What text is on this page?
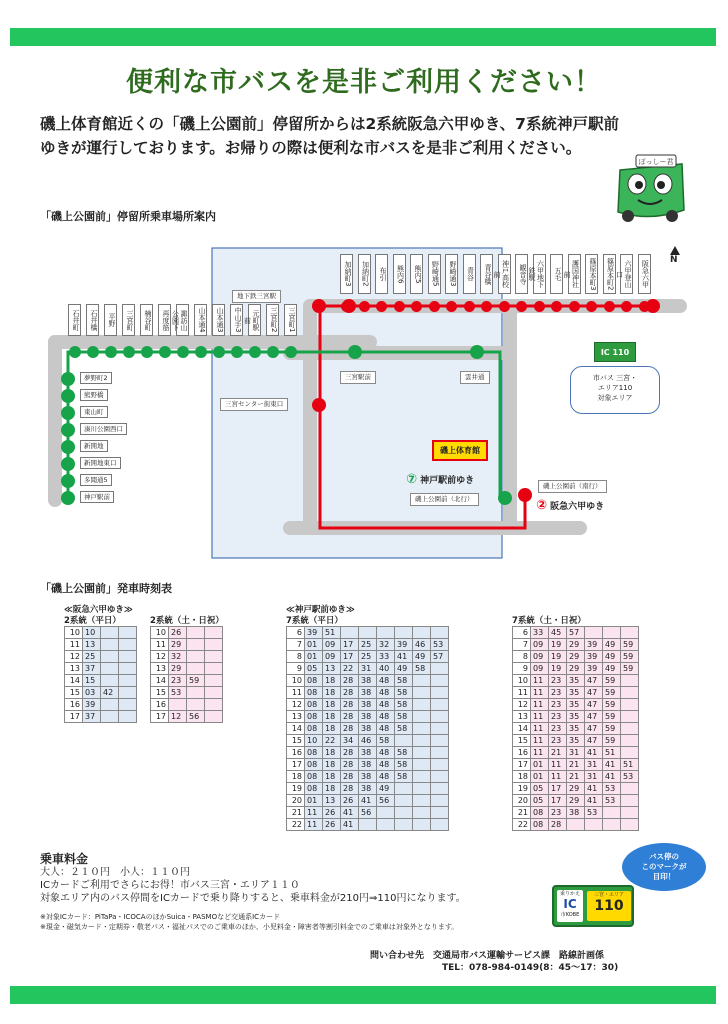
便利な市バスを是非ご利用ください！
磯上体育館近くの「磯上公園前」停留所からは2系統阪急六甲ゆき、7系統神戸駅前
ゆきが運行しております。お帰りの際は便利な市バスを是非ご利用ください。
ぽっしー君
「磯上公園前」停留所乗車場所案内
地下鉄三宮駅
三宮駅前	雲井通
三宮センター街東口
N
磯上体育館
⑦ 神戸駅前ゆき
磯上公園前（北行）
磯上公園前（南行）
② 阪急六甲ゆき
市バス 三宮・
エリア110
対象エリア
IC 110
加納町3	加納町2	布引	熊内6	熊内5	野崎通5	野崎通3	青谷	青谷橋	神戸高校前	観音寺	六甲地下鉄駅	五毛	護国神社前	篠原本町3	篠原本町2	六甲登山口	阪急六甲
石井町	石井橋	平野	三宮町	楠谷町	再度筋	諏訪山公園下	山本通4	山本通3	中山手3	元町駅前	三宮町2	三宮町1
夢野町2
熊野橋
東山町
湊川公園西口
新開地
新開地東口
多聞通5
神戸駅前
「磯上公園前」発車時刻表
≪阪急六甲ゆき≫
2系統（平日）	2系統（土・日祝）
≪神戸駅前ゆき≫
7系統（平日）	7系統（土・日祝）
10	10		
11	13		
12	25		
13	37		
14	15		
15	03	42	
16	39		
17	37		
10	26		
11	29		
12	32		
13	29		
14	23	59	
15	53		
16			
17	12	56	
6	39	51						
7	01	09	17	25	32	39	46	53
8	01	09	17	25	33	41	49	57
9	05	13	22	31	40	49	58	
10	08	18	28	38	48	58		
11	08	18	28	38	48	58		
12	08	18	28	38	48	58		
13	08	18	28	38	48	58		
14	08	18	28	38	48	58		
15	10	22	34	46	58			
16	08	18	28	38	48	58		
17	08	18	28	38	48	58		
18	08	18	28	38	48	58		
19	08	18	28	38	49			
20	01	13	26	41	56			
21	11	26	41	56				
22	11	26	41					
6	33	45	57			
7	09	19	29	39	49	59
8	09	19	29	39	49	59
9	09	19	29	39	49	59
10	11	23	35	47	59	
11	11	23	35	47	59	
12	11	23	35	47	59	
13	11	23	35	47	59	
14	11	23	35	47	59	
15	11	23	35	47	59	
16	11	21	31	41	51	
17	01	11	21	31	41	51
18	01	11	21	31	41	53
19	05	17	29	41	53	
20	05	17	29	41	53	
21	08	23	38	53		
22	08	28				
乗車料金
大人：２１０円　小人：１１０円
ICカードご利用でさらにお得！市バス三宮・エリア１１０
対象エリア内のバス停間をICカードで乗り降りすると、乗車料金が210円⇒110円になります。
※対象ICカード：PiTaPa・ICOCAのほかSuica・PASMOなど交通系ICカード
※現金・磁気カード・定期券・敬老パス・福祉パスでのご乗車のほか、小児料金・障害者等割引料金でのご乗車は対象外となります。
バス停の
このマークが
目印！
乗りかえ
IC
市KOBE
三宮・エリア
110
問い合わせ先　 交通局市バス運輸サービス課　路線計画係
TEL：078-984-0149(8：45～17：30)
